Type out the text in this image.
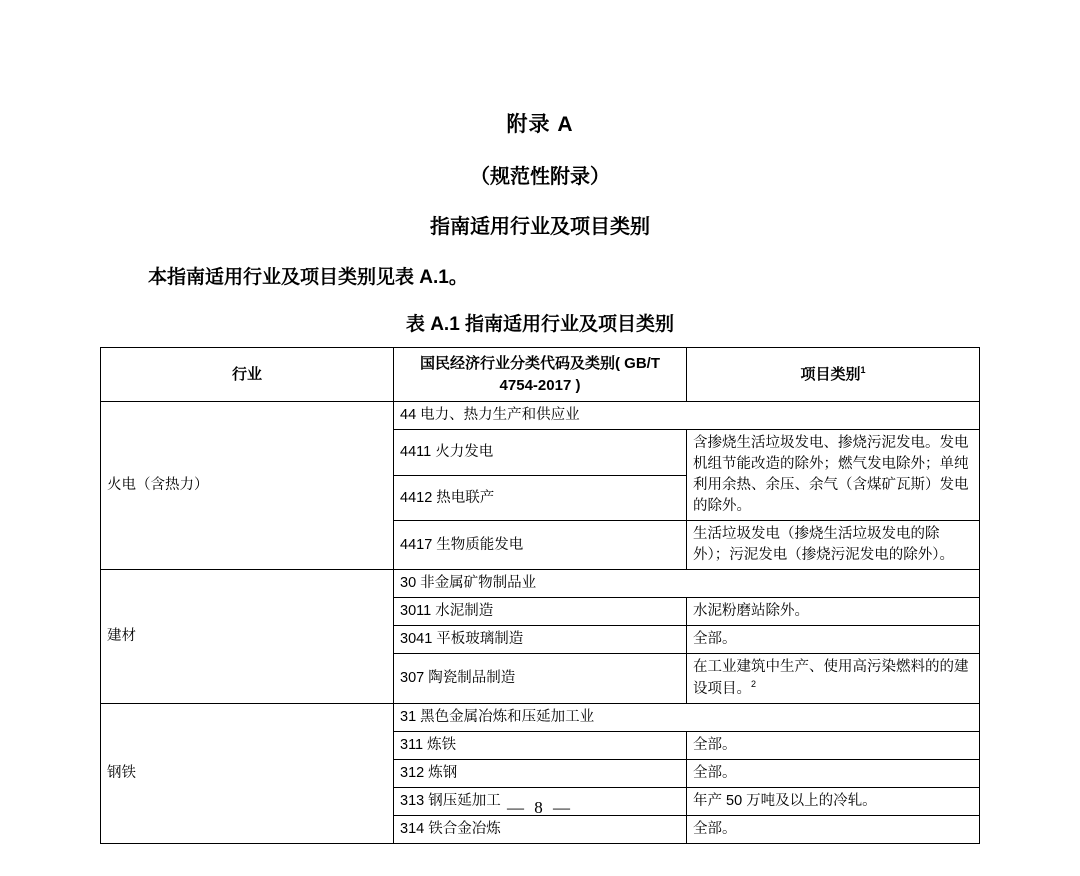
附录 A
（规范性附录）
指南适用行业及项目类别
本指南适用行业及项目类别见表 A.1。
表 A.1 指南适用行业及项目类别
行业	国民经济行业分类代码及类别( GB/T 4754-2017 )	项目类别$^1$
火电（含热力）	44 电力、热力生产和供应业	
	4411 火力发电	含掺烧生活垃圾发电、掺烧污泥发电。发电机组节能改造的除外；燃气发电除外；单纯利用余热、余压、余气（含煤矿瓦斯）发电的除外。
	4412 热电联产	
	4417 生物质能发电	生活垃圾发电（掺烧生活垃圾发电的除外）；污泥发电（掺烧污泥发电的除外）。
建材	30 非金属矿物制品业	
	3011 水泥制造	水泥粉磨站除外。
	3041 平板玻璃制造	全部。
	307 陶瓷制品制造	在工业建筑中生产、使用高污染燃料的的建设项目。$^2$
钢铁	31 黑色金属冶炼和压延加工业	
	311 炼铁	全部。
	312 炼钢	全部。
	313 钢压延加工	年产 50 万吨及以上的冷轧。
	314 铁合金冶炼	全部。
— 8 —
